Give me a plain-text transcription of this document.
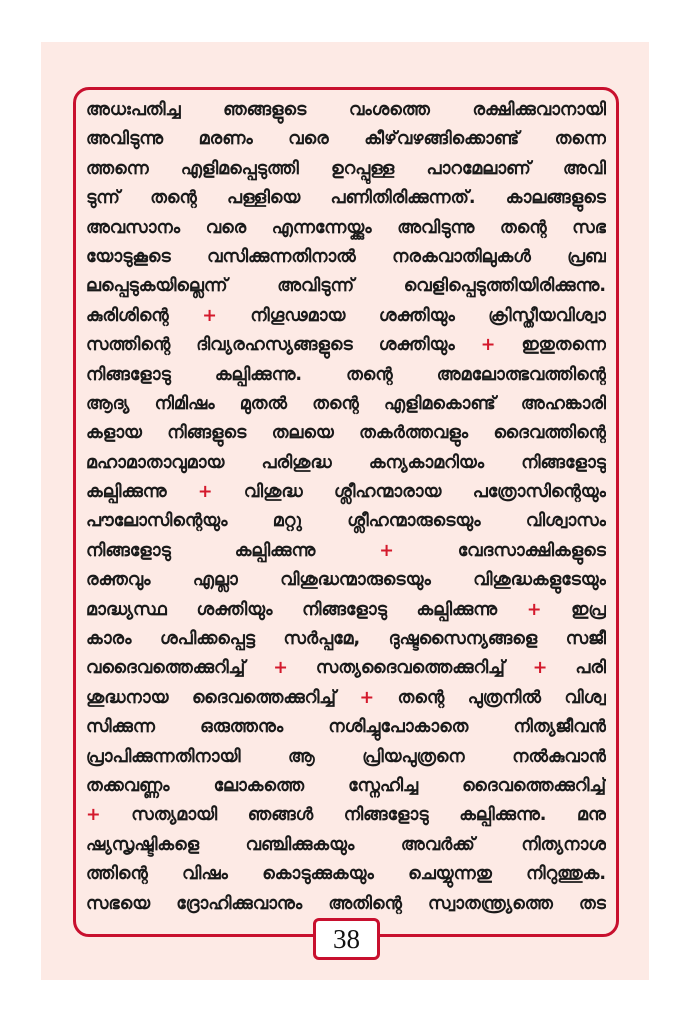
അധഃപതിച്ച ഞങ്ങളുടെ വംശത്തെ രക്ഷിക്കുവാനായി
അവിടുന്നു മരണം വരെ കീഴ്‌വഴങ്ങിക്കൊണ്ട് തന്നെ
ത്തന്നെ എളിമപ്പെടുത്തി ഉറപ്പുള്ള പാറമേലാണ് അവി
ടുന്ന് തന്റെ പള്ളിയെ പണിതിരിക്കുന്നത്. കാലങ്ങളുടെ
അവസാനം വരെ എന്നന്നേയ്ക്കും അവിടുന്നു തന്റെ സഭ
യോടുകൂടെ വസിക്കുന്നതിനാൽ നരകവാതിലുകൾ പ്രബ
ലപ്പെടുകയില്ലെന്ന് അവിടുന്ന് വെളിപ്പെടുത്തിയിരിക്കുന്നു.
കുരിശിന്റെ + നിഗൂഢമായ ശക്തിയും ക്രിസ്തീയവിശ്വാ
സത്തിന്റെ ദിവ്യരഹസ്യങ്ങളുടെ ശക്തിയും + ഇതുതന്നെ
നിങ്ങളോടു കല്പിക്കുന്നു. തന്റെ അമലോത്ഭവത്തിന്റെ
ആദ്യ നിമിഷം മുതൽ തന്റെ എളിമകൊണ്ട് അഹങ്കാരി
കളായ നിങ്ങളുടെ തലയെ തകർത്തവളും ദൈവത്തിന്റെ
മഹാമാതാവുമായ പരിശുദ്ധ കന്യകാമറിയം നിങ്ങളോടു
കല്പിക്കുന്നു + വിശുദ്ധ ശ്ലീഹന്മാരായ പത്രോസിന്റെയും
പൗലോസിന്റെയും മറ്റു ശ്ലീഹന്മാരുടെയും വിശ്വാസം
നിങ്ങളോടു കല്പിക്കുന്നു + വേദസാക്ഷികളുടെ
രക്തവും എല്ലാ വിശുദ്ധന്മാരുടെയും വിശുദ്ധകളുടേയും
മാദ്ധ്യസ്ഥ ശക്തിയും നിങ്ങളോടു കല്പിക്കുന്നു + ഇപ്ര
കാരം ശപിക്കപ്പെട്ട സർപ്പമേ, ദുഷ്ടസൈന്യങ്ങളെ സജീ
വദൈവത്തെക്കുറിച്ച് + സത്യദൈവത്തെക്കുറിച്ച് + പരി
ശുദ്ധനായ ദൈവത്തെക്കുറിച്ച് + തന്റെ പുത്രനിൽ വിശ്വ
സിക്കുന്ന ഒരുത്തനും നശിച്ചുപോകാതെ നിത്യജീവൻ
പ്രാപിക്കുന്നതിനായി ആ പ്രിയപുത്രനെ നൽകുവാൻ
തക്കവണ്ണം ലോകത്തെ സ്നേഹിച്ച ദൈവത്തെക്കുറിച്ച്
+ സത്യമായി ഞങ്ങൾ നിങ്ങളോടു കല്പിക്കുന്നു. മനു
ഷ്യസൃഷ്ടികളെ വഞ്ചിക്കുകയും അവർക്ക് നിത്യനാശ
ത്തിന്റെ വിഷം കൊടുക്കുകയും ചെയ്യുന്നതു നിറുത്തുക.
സഭയെ ദ്രോഹിക്കുവാനും അതിന്റെ സ്വാതന്ത്ര്യത്തെ തട
38
